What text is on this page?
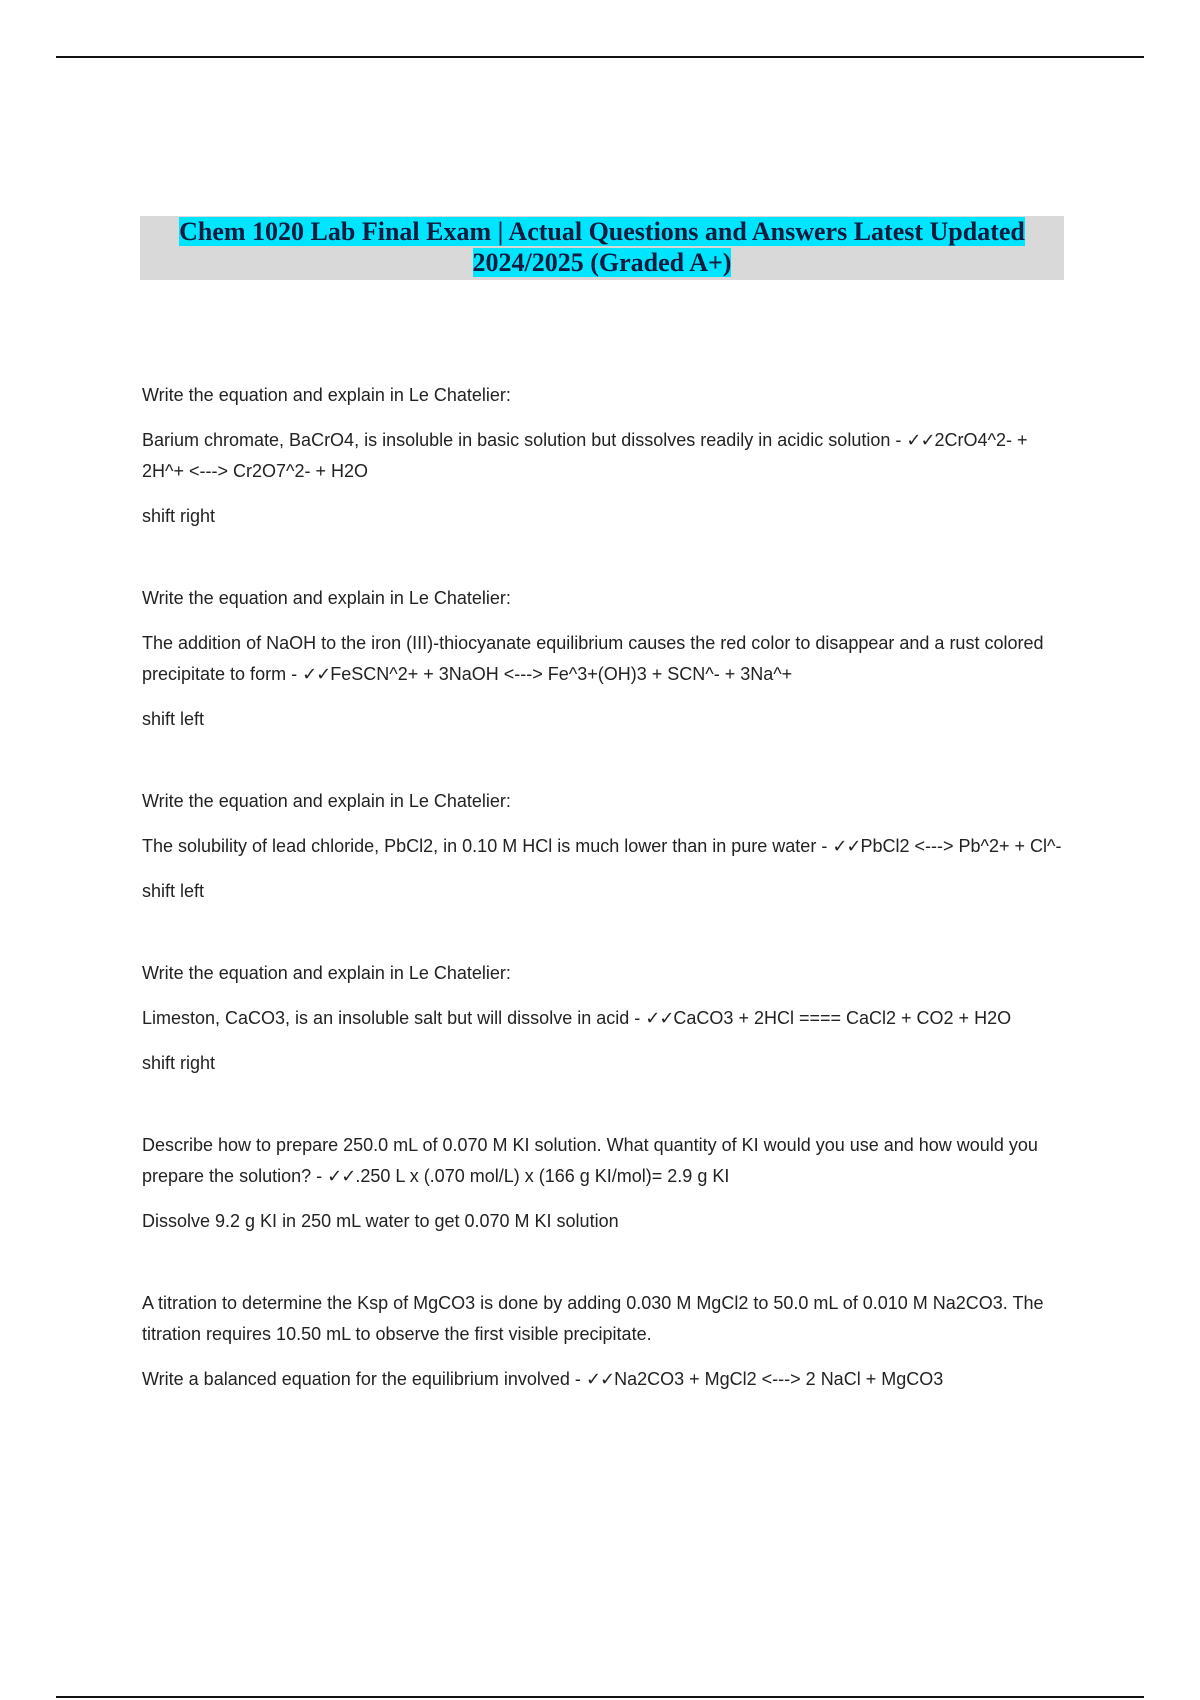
Chem 1020 Lab Final Exam | Actual Questions and Answers Latest Updated
2024/2025 (Graded A+)

Write the equation and explain in Le Chatelier:

Barium chromate, BaCrO4, is insoluble in basic solution but dissolves readily in acidic solution - ✓✓2CrO4^2- + 2H^+ <---> Cr2O7^2- + H2O

shift right

Write the equation and explain in Le Chatelier:

The addition of NaOH to the iron (III)-thiocyanate equilibrium causes the red color to disappear and a rust colored precipitate to form - ✓✓FeSCN^2+ + 3NaOH <---> Fe^3+(OH)3 + SCN^- + 3Na^+

shift left

Write the equation and explain in Le Chatelier:

The solubility of lead chloride, PbCl2, in 0.10 M HCl is much lower than in pure water - ✓✓PbCl2 <---> Pb^2+ + Cl^-

shift left

Write the equation and explain in Le Chatelier:

Limeston, CaCO3, is an insoluble salt but will dissolve in acid - ✓✓CaCO3 + 2HCl ==== CaCl2 + CO2 + H2O

shift right

Describe how to prepare 250.0 mL of 0.070 M KI solution. What quantity of KI would you use and how would you prepare the solution? - ✓✓.250 L x (.070 mol/L) x (166 g KI/mol)= 2.9 g KI

Dissolve 9.2 g KI in 250 mL water to get 0.070 M KI solution

A titration to determine the Ksp of MgCO3 is done by adding 0.030 M MgCl2 to 50.0 mL of 0.010 M Na2CO3. The titration requires 10.50 mL to observe the first visible precipitate.

Write a balanced equation for the equilibrium involved - ✓✓Na2CO3 + MgCl2 <---> 2 NaCl + MgCO3
